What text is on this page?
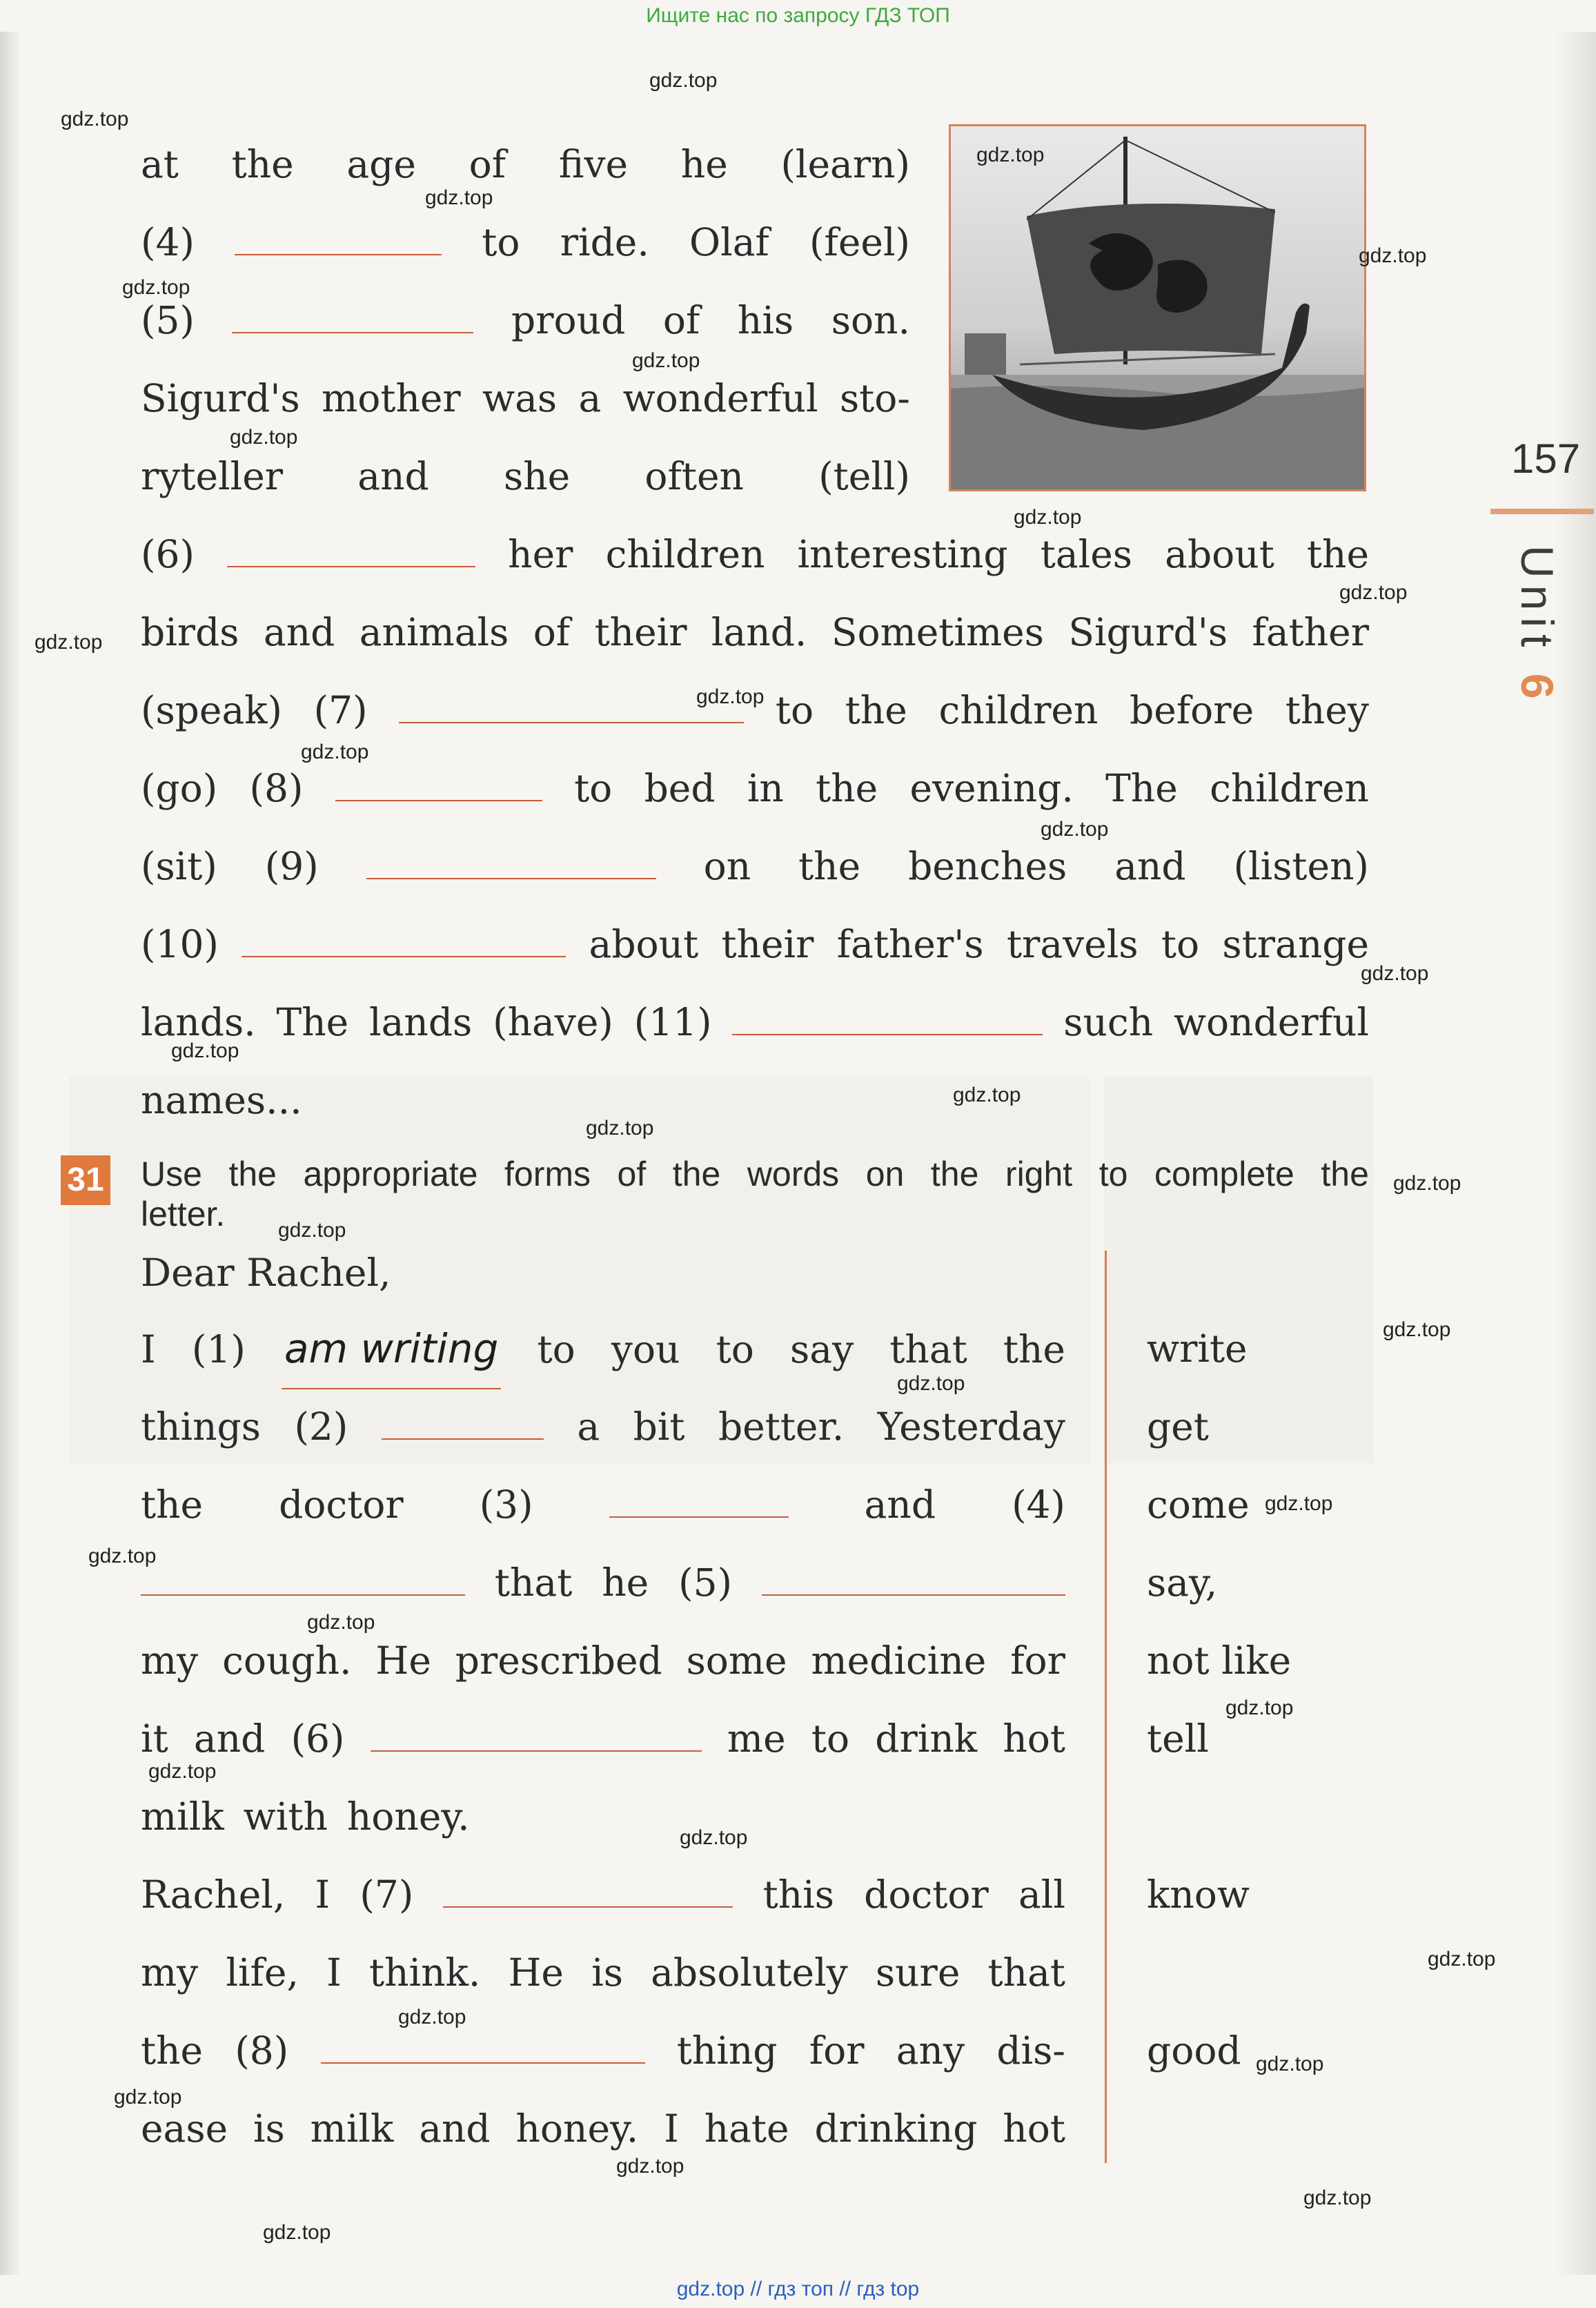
Ищите нас по запросу ГДЗ ТОП
at the age of five he (learn)
(4)	to ride. Olaf (feel)
(5)	proud of his son.
Sigurd's mother was a wonderful sto-
ryteller and she often (tell)
(6)	her children interesting tales about the
birds and animals of their land. Sometimes Sigurd's father
(speak) (7)	to the children before they
(go) (8)	to bed in the evening. The children
(sit) (9)	on the benches and (listen)
(10)	about their father's travels to strange
lands. The lands (have) (11)	such wonderful
names...
157
Unit 6
31 Use the appropriate forms of the words on the right to complete the
letter.
Dear Rachel,
I (1) am writing to you to say that the
things (2)	a bit better. Yesterday
the doctor (3)	and (4)
that he (5)
my cough. He prescribed some medicine for
it and (6)	me to drink hot
milk with honey.
Rachel, I (7)	this doctor all
my life, I think. He is absolutely sure that
the (8)	thing for any dis-
ease is milk and honey. I hate drinking hot
write
get
come
say,
not like
tell
know
good
gdz.top
gdz.top
gdz.top
gdz.top
gdz.top
gdz.top
gdz.top
gdz.top
gdz.top
gdz.top
gdz.top
gdz.top
gdz.top
gdz.top
gdz.top
gdz.top
gdz.top
gdz.top
gdz.top
gdz.top
gdz.top
gdz.top
gdz.top
gdz.top
gdz.top
gdz.top
gdz.top
gdz.top
gdz.top
gdz.top
gdz.top
gdz.top
gdz.top
gdz.top
gdz.top
gdz.top // гдз топ // гдз top
